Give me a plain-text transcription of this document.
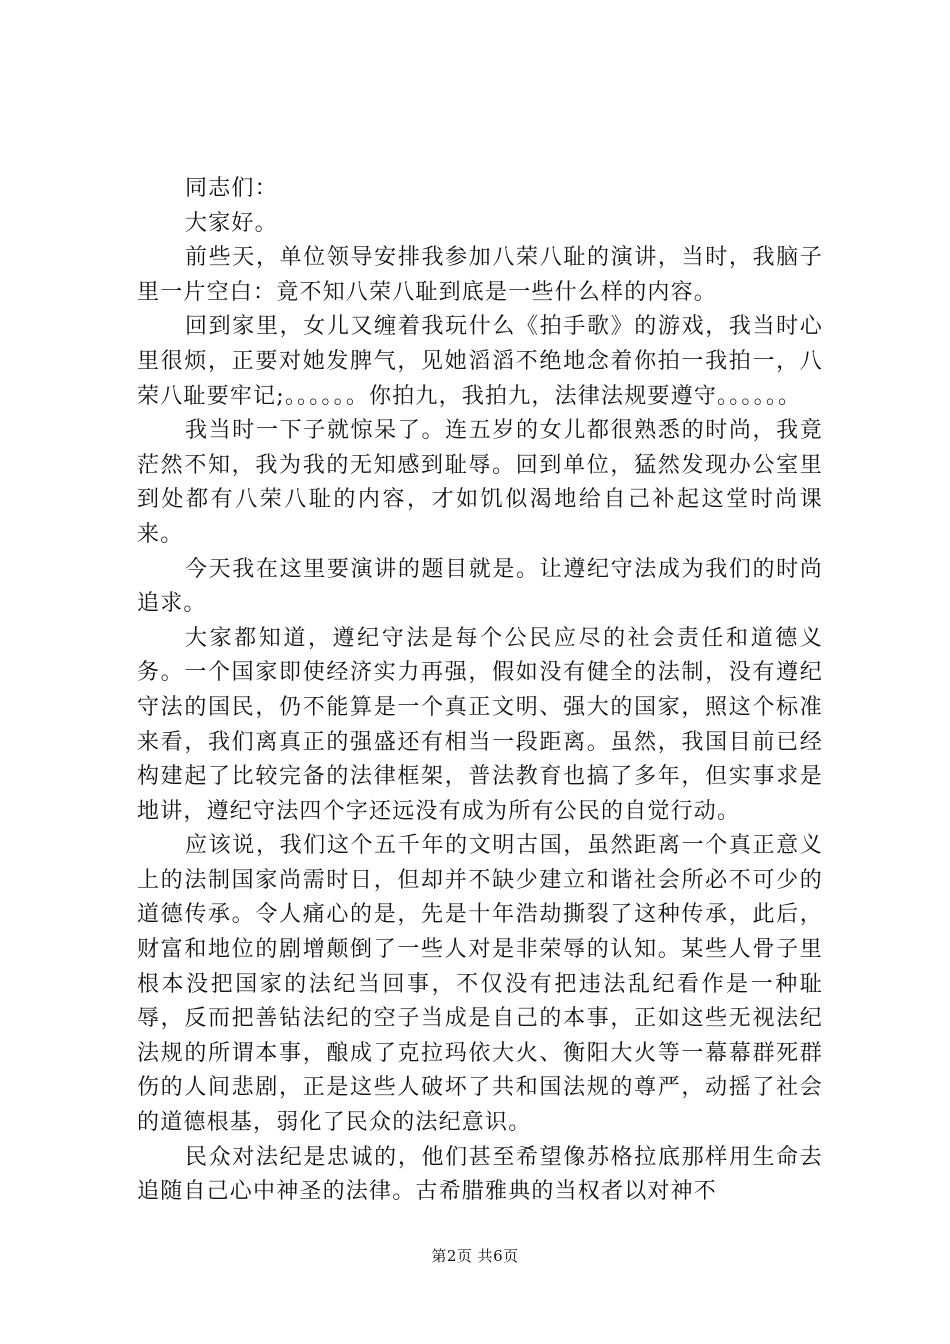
同志们：

大家好。

前些天，单位领导安排我参加八荣八耻的演讲，当时，我脑子里一片空白：竟不知八荣八耻到底是一些什么样的内容。

回到家里，女儿又缠着我玩什么《拍手歌》的游戏，我当时心里很烦，正要对她发脾气，见她滔滔不绝地念着你拍一我拍一，八荣八耻要牢记;。。。。。。你拍九，我拍九，法律法规要遵守。。。。。。

我当时一下子就惊呆了。连五岁的女儿都很熟悉的时尚，我竟茫然不知，我为我的无知感到耻辱。回到单位，猛然发现办公室里到处都有八荣八耻的内容，才如饥似渴地给自己补起这堂时尚课来。

今天我在这里要演讲的题目就是。让遵纪守法成为我们的时尚追求。

大家都知道，遵纪守法是每个公民应尽的社会责任和道德义务。一个国家即使经济实力再强，假如没有健全的法制，没有遵纪守法的国民，仍不能算是一个真正文明、强大的国家，照这个标准来看，我们离真正的强盛还有相当一段距离。虽然，我国目前已经构建起了比较完备的法律框架，普法教育也搞了多年，但实事求是地讲，遵纪守法四个字还远没有成为所有公民的自觉行动。

应该说，我们这个五千年的文明古国，虽然距离一个真正意义上的法制国家尚需时日，但却并不缺少建立和谐社会所必不可少的道德传承。令人痛心的是，先是十年浩劫撕裂了这种传承，此后，财富和地位的剧增颠倒了一些人对是非荣辱的认知。某些人骨子里根本没把国家的法纪当回事，不仅没有把违法乱纪看作是一种耻辱，反而把善钻法纪的空子当成是自己的本事，正如这些无视法纪法规的所谓本事，酿成了克拉玛依大火、衡阳大火等一幕幕群死群伤的人间悲剧，正是这些人破坏了共和国法规的尊严，动摇了社会的道德根基，弱化了民众的法纪意识。

民众对法纪是忠诚的，他们甚至希望像苏格拉底那样用生命去追随自己心中神圣的法律。古希腊雅典的当权者以对神不

第2页 共6页
